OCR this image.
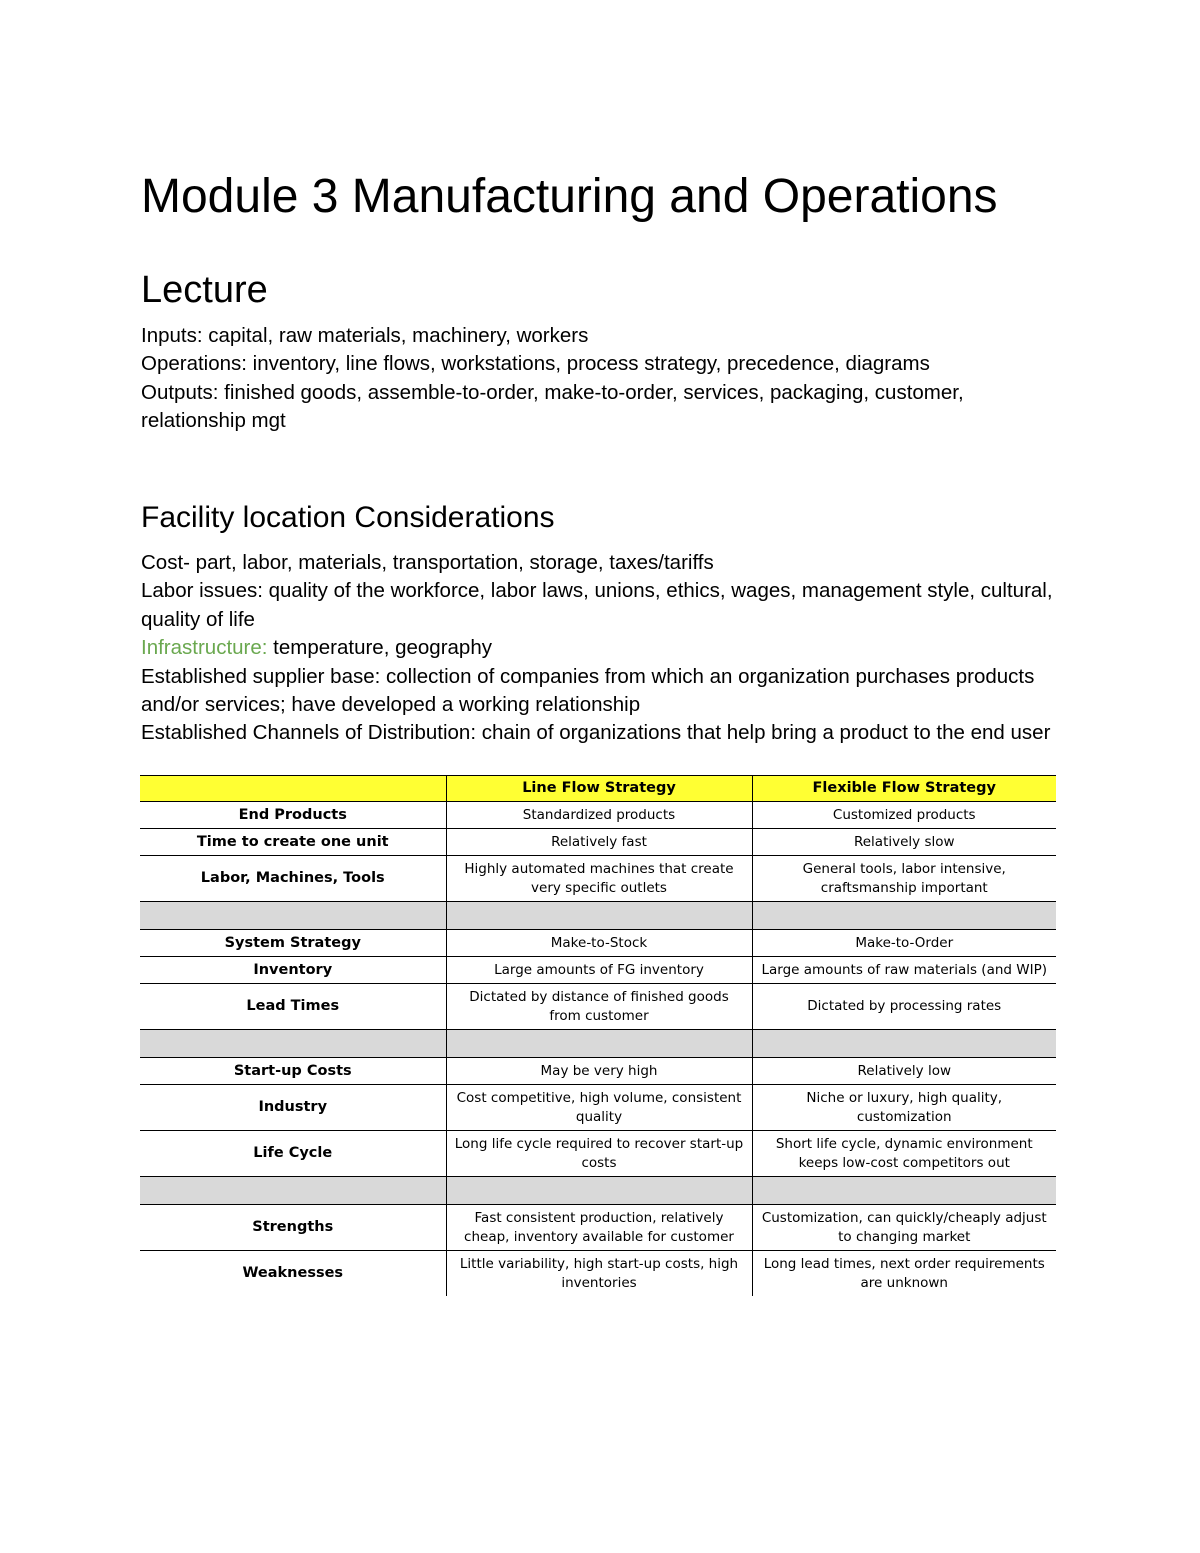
Module 3 Manufacturing and Operations
Lecture

Inputs: capital, raw materials, machinery, workers

Operations: inventory, line flows, workstations, process strategy, precedence, diagrams

Outputs: finished goods, assemble-to-order, make-to-order, services, packaging, customer, relationship mgt

Facility location Considerations

Cost- part, labor, materials, transportation, storage, taxes/tariffs

Labor issues: quality of the workforce, labor laws, unions, ethics, wages, management style, cultural, quality of life

Infrastructure: temperature, geography

Established supplier base: collection of companies from which an organization purchases products and/or services; have developed a working relationship

Established Channels of Distribution: chain of organizations that help bring a product to the end user

	Line Flow Strategy	Flexible Flow Strategy
End Products	Standardized products	Customized products
Time to create one unit	Relatively fast	Relatively slow
Labor, Machines, Tools	Highly automated machines that create very specific outlets	General tools, labor intensive, craftsmanship important

System Strategy	Make-to-Stock	Make-to-Order
Inventory	Large amounts of FG inventory	Large amounts of raw materials (and WIP)
Lead Times	Dictated by distance of finished goods from customer	Dictated by processing rates

Start-up Costs	May be very high	Relatively low
Industry	Cost competitive, high volume, consistent quality	Niche or luxury, high quality, customization
Life Cycle	Long life cycle required to recover start-up costs	Short life cycle, dynamic environment keeps low-cost competitors out

Strengths	Fast consistent production, relatively cheap, inventory available for customer	Customization, can quickly/cheaply adjust to changing market
Weaknesses	Little variability, high start-up costs, high inventories	Long lead times, next order requirements are unknown
